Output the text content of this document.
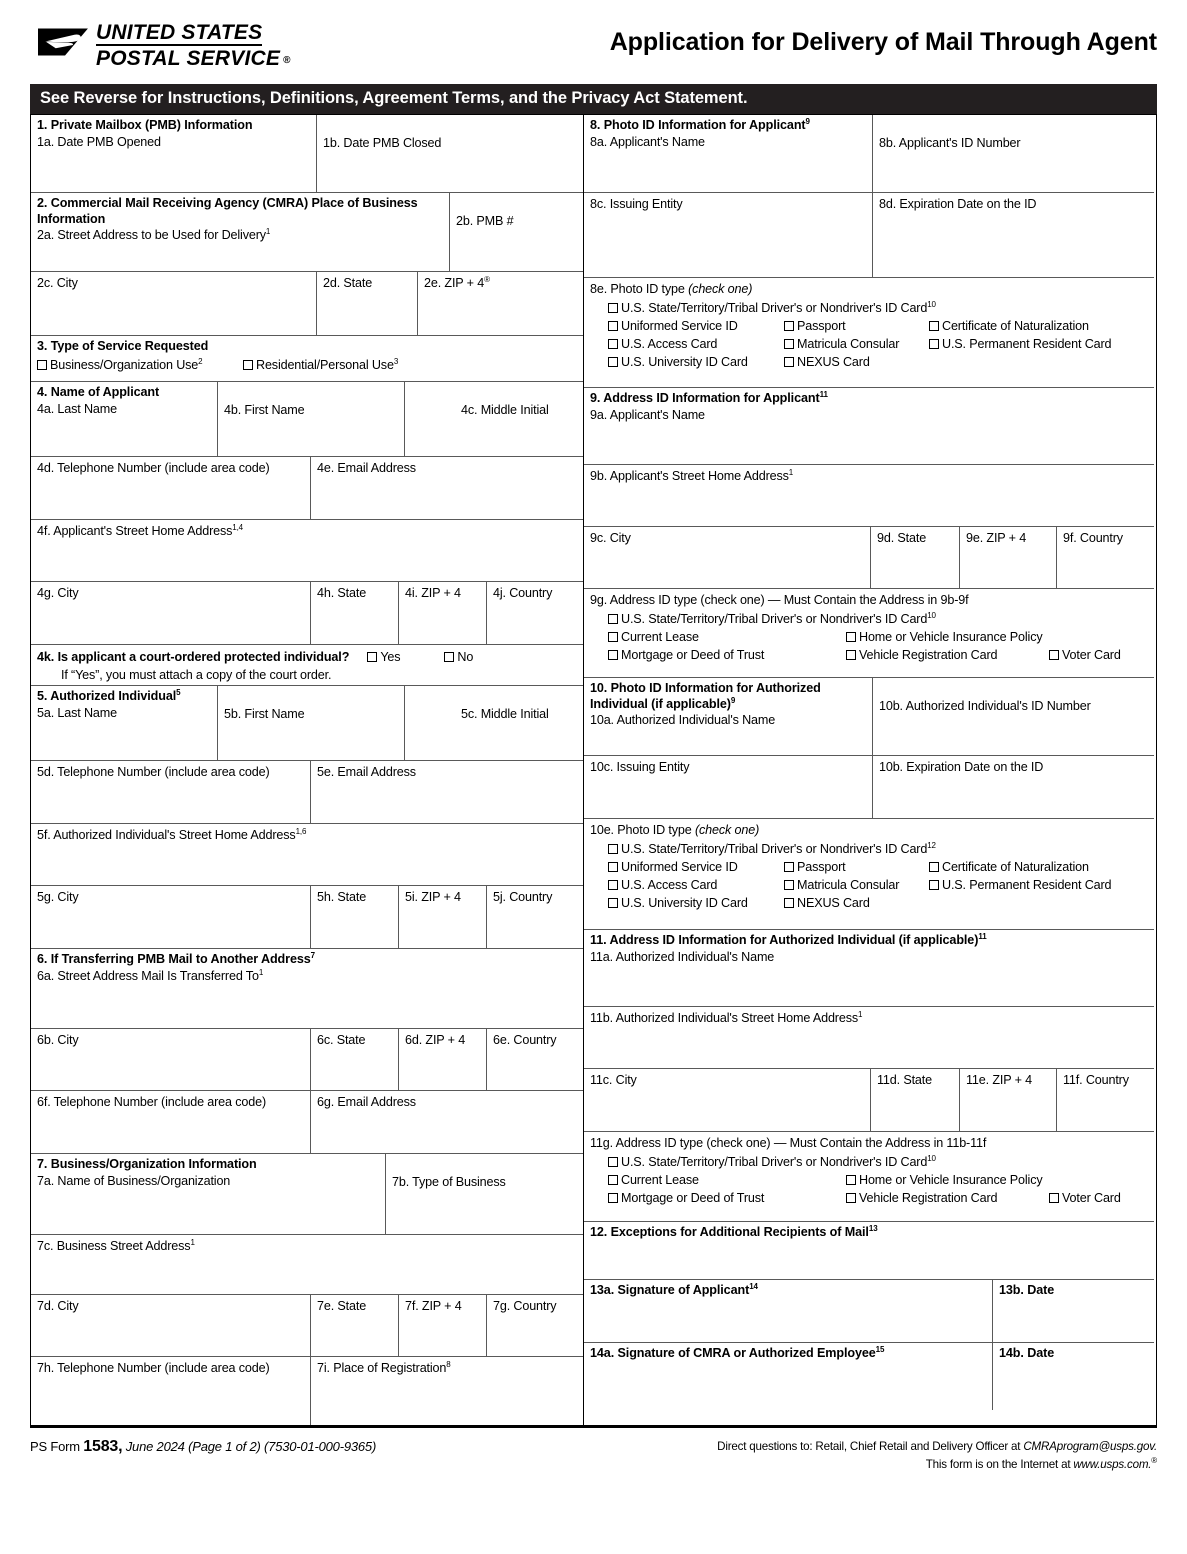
UNITED STATES
POSTAL SERVICE ®
Application for Delivery of Mail Through Agent
See Reverse for Instructions, Definitions, Agreement Terms, and the Privacy Act Statement.
1. Private Mailbox (PMB) Information
1a. Date PMB Opened	1b. Date PMB Closed
2. Commercial Mail Receiving Agency (CMRA) Place of Business Information
2a. Street Address to be Used for Delivery$^1$
2b. PMB #
2c. City	2d. State	2e. ZIP + 4®
3. Type of Service Requested
Business/Organization Use$^2$	Residential/Personal Use$^3$
4. Name of Applicant
4a. Last Name	4b. First Name	4c. Middle Initial
4d. Telephone Number (include area code)	4e. Email Address
4f. Applicant's Street Home Address$^{1,4}$
4g. City	4h. State	4i. ZIP + 4	4j. Country
4k. Is applicant a court-ordered protected individual?	Yes	No
If “Yes”, you must attach a copy of the court order.
5. Authorized Individual$^5$
5a. Last Name	5b. First Name	5c. Middle Initial
5d. Telephone Number (include area code)	5e. Email Address
5f. Authorized Individual's Street Home Address$^{1,6}$
5g. City	5h. State	5i. ZIP + 4	5j. Country
6. If Transferring PMB Mail to Another Address$^7$
6a. Street Address Mail Is Transferred To$^1$
6b. City	6c. State	6d. ZIP + 4	6e. Country
6f. Telephone Number (include area code)	6g. Email Address
7. Business/Organization Information
7a. Name of Business/Organization	7b. Type of Business
7c. Business Street Address$^1$
7d. City	7e. State	7f. ZIP + 4	7g. Country
7h. Telephone Number (include area code)	7i. Place of Registration$^8$
8. Photo ID Information for Applicant$^9$
8a. Applicant's Name	8b. Applicant's ID Number
8c. Issuing Entity	8d. Expiration Date on the ID
8e. Photo ID type (check one)
U.S. State/Territory/Tribal Driver's or Nondriver's ID Card$^{10}$
Uniformed Service ID	Passport	Certificate of Naturalization
U.S. Access Card	Matricula Consular	U.S. Permanent Resident Card
U.S. University ID Card	NEXUS Card
9. Address ID Information for Applicant$^{11}$
9a. Applicant's Name
9b. Applicant's Street Home Address$^1$
9c. City	9d. State	9e. ZIP + 4	9f. Country
9g. Address ID type (check one) — Must Contain the Address in 9b-9f
U.S. State/Territory/Tribal Driver's or Nondriver's ID Card$^{10}$
Current Lease	Home or Vehicle Insurance Policy
Mortgage or Deed of Trust	Vehicle Registration Card	Voter Card
10. Photo ID Information for Authorized Individual (if applicable)$^9$
10a. Authorized Individual's Name
10b. Authorized Individual's ID Number
10c. Issuing Entity	10b. Expiration Date on the ID
10e. Photo ID type (check one)
U.S. State/Territory/Tribal Driver's or Nondriver's ID Card$^{12}$
Uniformed Service ID	Passport	Certificate of Naturalization
U.S. Access Card	Matricula Consular	U.S. Permanent Resident Card
U.S. University ID Card	NEXUS Card
11. Address ID Information for Authorized Individual (if applicable)$^{11}$
11a. Authorized Individual's Name
11b. Authorized Individual's Street Home Address$^1$
11c. City	11d. State	11e. ZIP + 4	11f. Country
11g. Address ID type (check one) — Must Contain the Address in 11b-11f
U.S. State/Territory/Tribal Driver's or Nondriver's ID Card$^{10}$
Current Lease	Home or Vehicle Insurance Policy
Mortgage or Deed of Trust	Vehicle Registration Card	Voter Card
12. Exceptions for Additional Recipients of Mail$^{13}$
13a. Signature of Applicant$^{14}$	13b. Date
14a. Signature of CMRA or Authorized Employee$^{15}$	14b. Date
PS Form 1583, June 2024 (Page 1 of 2) (7530-01-000-9365)	Direct questions to: Retail, Chief Retail and Delivery Officer at CMRAprogram@usps.gov.
This form is on the Internet at www.usps.com.®
